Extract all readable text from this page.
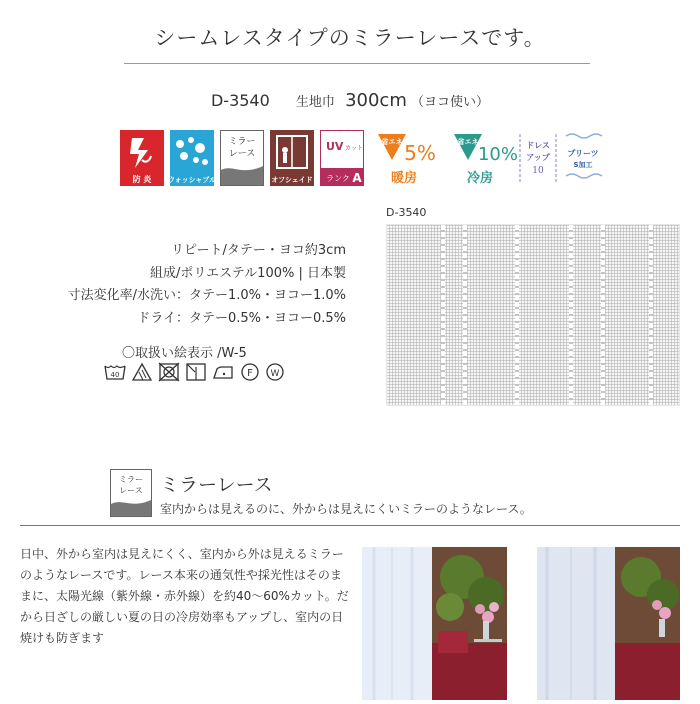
シームレスタイプのミラーレースです。
D-3540 生地巾 300cm （ヨコ使い）
防 炎 ウォッシャブル
ミラー
レース
オフシェイド
UV カット
ランク A
省エネ 5%
暖房
省エネ
10%
冷房
ドレス
アップ
10
プリーツ
S加工
D-3540
リピート/タテー・ヨコ約3cm
組成/ポリエステル100% | 日本製
寸法変化率/水洗い：タテー1.0%・ヨコー1.0%
ドライ：タテー0.5%・ヨコー0.5%
〇取扱い絵表示 /W-5
40	F W
ミラー
レース ミラーレース
室内からは見えるのに、外からは見えにくいミラーのようなレース。
日中、外から室内は見えにくく、室内から外は見えるミラーのようなレースです。レース本来の通気性や採光性はそのままに、太陽光線（紫外線・赤外線）を約40～60%カット。だから日ざしの厳しい夏の日の冷房効率もアップし、室内の日焼けも防ぎます
